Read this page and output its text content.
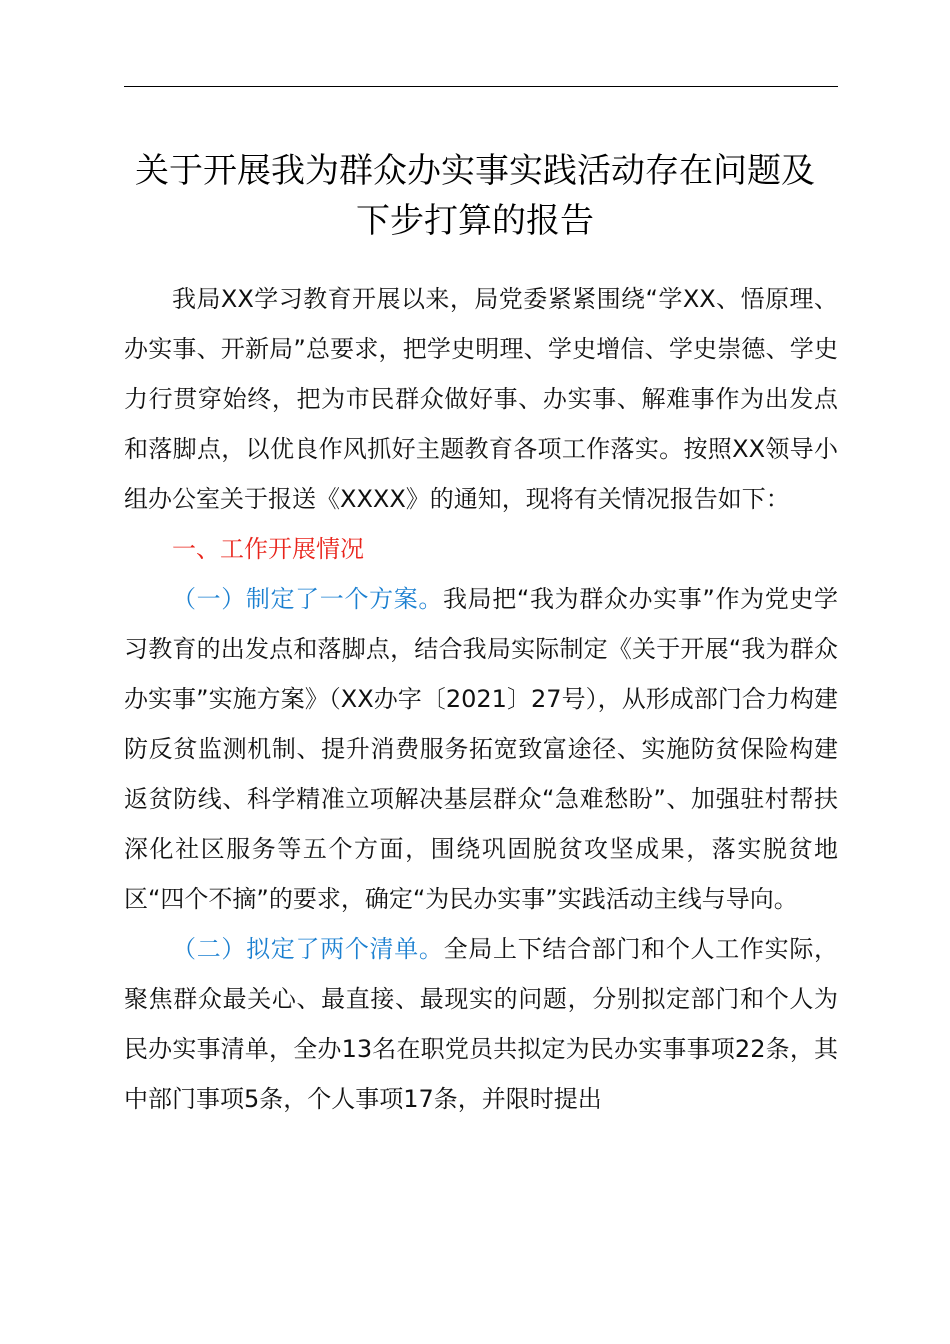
关于开展我为群众办实事实践活动存在问题及
下步打算的报告

我局XX学习教育开展以来，局党委紧紧围绕“学XX、悟原理、办实事、开新局”总要求，把学史明理、学史增信、学史崇德、学史力行贯穿始终，把为市民群众做好事、办实事、解难事作为出发点和落脚点，以优良作风抓好主题教育各项工作落实。按照XX领导小组办公室关于报送《XXXX》的通知，现将有关情况报告如下：

一、工作开展情况

（一）制定了一个方案。我局把“我为群众办实事”作为党史学习教育的出发点和落脚点，结合我局实际制定《关于开展“我为群众办实事”实施方案》（XX办字〔2021〕27号），从形成部门合力构建防反贫监测机制、提升消费服务拓宽致富途径、实施防贫保险构建返贫防线、科学精准立项解决基层群众“急难愁盼”、加强驻村帮扶深化社区服务等五个方面，围绕巩固脱贫攻坚成果，落实脱贫地区“四个不摘”的要求，确定“为民办实事”实践活动主线与导向。

（二）拟定了两个清单。全局上下结合部门和个人工作实际，聚焦群众最关心、最直接、最现实的问题，分别拟定部门和个人为民办实事清单，全办13名在职党员共拟定为民办实事事项22条，其中部门事项5条，个人事项17条，并限时提出
